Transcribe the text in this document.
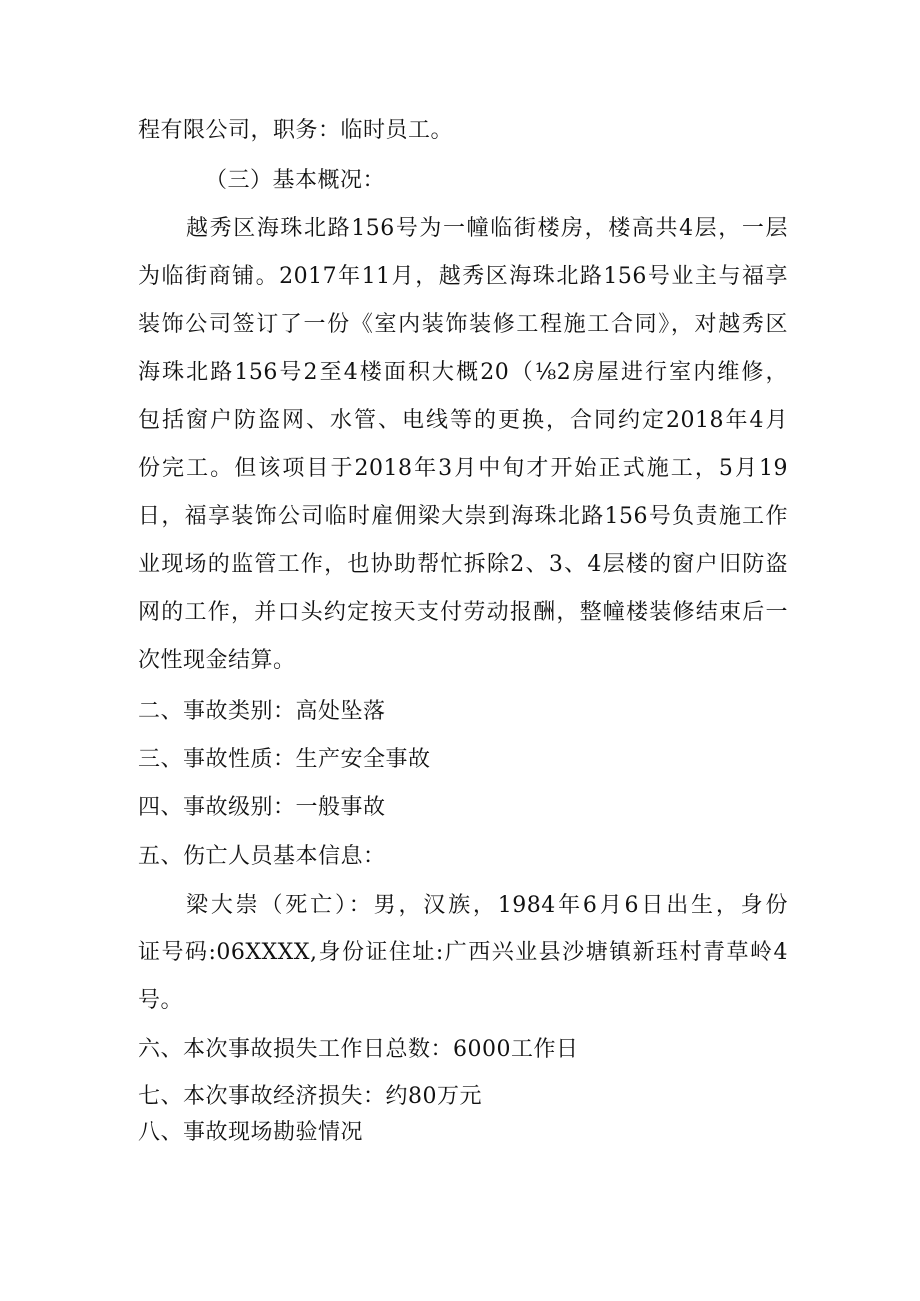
程有限公司，职务：临时员工。
（三）基本概况：
越秀区海珠北路156号为一幢临街楼房，楼高共4层，一层
为临街商铺。2017年11月，越秀区海珠北路156号业主与福享
装饰公司签订了一份《室内装饰装修工程施工合同》，对越秀区
海珠北路156号2至4楼面积大概20（⅛2房屋进行室内维修，
包括窗户防盗网、水管、电线等的更换，合同约定2018年4月
份完工。但该项目于2018年3月中旬才开始正式施工，5月19
日，福享装饰公司临时雇佣梁大崇到海珠北路156号负责施工作
业现场的监管工作，也协助帮忙拆除2、3、4层楼的窗户旧防盗
网的工作，并口头约定按天支付劳动报酬，整幢楼装修结束后一
次性现金结算。
二、事故类别：高处坠落
三、事故性质：生产安全事故
四、事故级别：一般事故
五、伤亡人员基本信息：
梁大崇（死亡）：男，汉族，1984年6月6日出生，身份
证号码:06XXXX,身份证住址:广西兴业县沙塘镇新珏村青草岭4
号。
六、本次事故损失工作日总数：6000工作日
七、本次事故经济损失：约80万元
八、事故现场勘验情况
